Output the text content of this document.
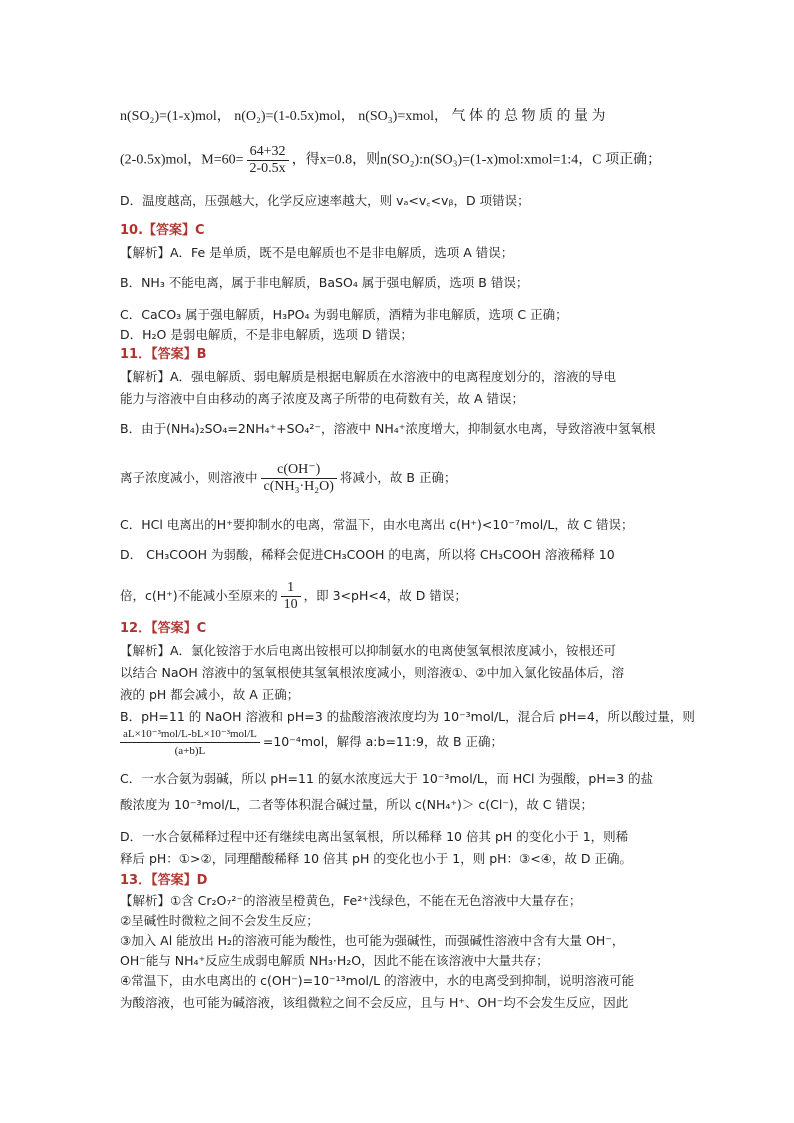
n(SO₂)=(1-x)mol， n(O₂)=(1-0.5x)mol， n(SO₃)=xmol， 气 体 的 总 物 质 的 量 为
(2-0.5x)mol，$M=60= \frac{64+32}{2-0.5x}$ ，得x=0.8，则n(SO₂):n(SO₃)=(1-x)mol:xmol=1:4，C 项正确；
D．温度越高，压强越大，化学反应速率越大，则 vₐ<v꜀<vᵦ，D 项错误；
10.【答案】C
【解析】A．Fe 是单质，既不是电解质也不是非电解质，选项 A 错误；
B．NH₃ 不能电离，属于非电解质，BaSO₄ 属于强电解质，选项 B 错误；
C．CaCO₃ 属于强电解质，H₃PO₄ 为弱电解质，酒精为非电解质，选项 C 正确；
D．H₂O 是弱电解质，不是非电解质，选项 D 错误；
11．【答案】B
【解析】A．强电解质、弱电解质是根据电解质在水溶液中的电离程度划分的，溶液的导电
能力与溶液中自由移动的离子浓度及离子所带的电荷数有关，故 A 错误；
B．由于(NH₄)₂SO₄=2NH₄⁺+SO₄²⁻，溶液中 NH₄⁺浓度增大，抑制氨水电离，导致溶液中氢氧根
离子浓度减小，则溶液中 $\frac{c(OH^-)}{\text{c(NH₃·H₂O)}}$ 将减小，故 B 正确；
C．HCl 电离出的H⁺要抑制水的电离，常温下，由水电离出 c(H⁺)<10⁻⁷mol/L，故 C 错误；
D． CH₃COOH 为弱酸，稀释会促进CH₃COOH 的电离，所以将 CH₃COOH 溶液稀释 10
倍，c(H⁺)不能减小至原来的 $\frac{1}{10}$ ，即 3<pH<4，故 D 错误；
12．【答案】C
【解析】A．氯化铵溶于水后电离出铵根可以抑制氨水的电离使氢氧根浓度减小，铵根还可
以结合 NaOH 溶液中的氢氧根使其氢氧根浓度减小，则溶液①、②中加入氯化铵晶体后，溶
液的 pH 都会减小，故 A 正确；
B．pH=11 的 NaOH 溶液和 pH=3 的盐酸溶液浓度均为 10⁻³mol/L，混合后 pH=4，所以酸过量，则
$\frac{\text{aL×10⁻³mol/L-bL×10⁻³mol/L}}{(a+b)L} =10^{-4}mol$，解得 a:b=11:9，故 B 正确；
C．一水合氨为弱碱，所以 pH=11 的氨水浓度远大于 10⁻³mol/L，而 HCl 为强酸，pH=3 的盐
酸浓度为 10⁻³mol/L，二者等体积混合碱过量，所以 c(NH₄⁺)＞ c(Cl⁻)，故 C 错误；
D．一水合氨稀释过程中还有继续电离出氢氧根，所以稀释 10 倍其 pH 的变化小于 1，则稀
释后 pH：①>②，同理醋酸稀释 10 倍其 pH 的变化也小于 1，则 pH：③<④，故 D 正确。
13．【答案】D
【解析】①含 Cr₂O₇²⁻的溶液呈橙黄色，Fe²⁺浅绿色，不能在无色溶液中大量存在；
②呈碱性时微粒之间不会发生反应；
③加入 Al 能放出 H₂的溶液可能为酸性，也可能为强碱性，而强碱性溶液中含有大量 OH⁻，
OH⁻能与 NH₄⁺反应生成弱电解质 NH₃·H₂O，因此不能在该溶液中大量共存；
④常温下，由水电离出的 c(OH⁻)=10⁻¹³mol/L 的溶液中，水的电离受到抑制，说明溶液可能
为酸溶液，也可能为碱溶液，该组微粒之间不会反应，且与 H⁺、OH⁻均不会发生反应，因此
